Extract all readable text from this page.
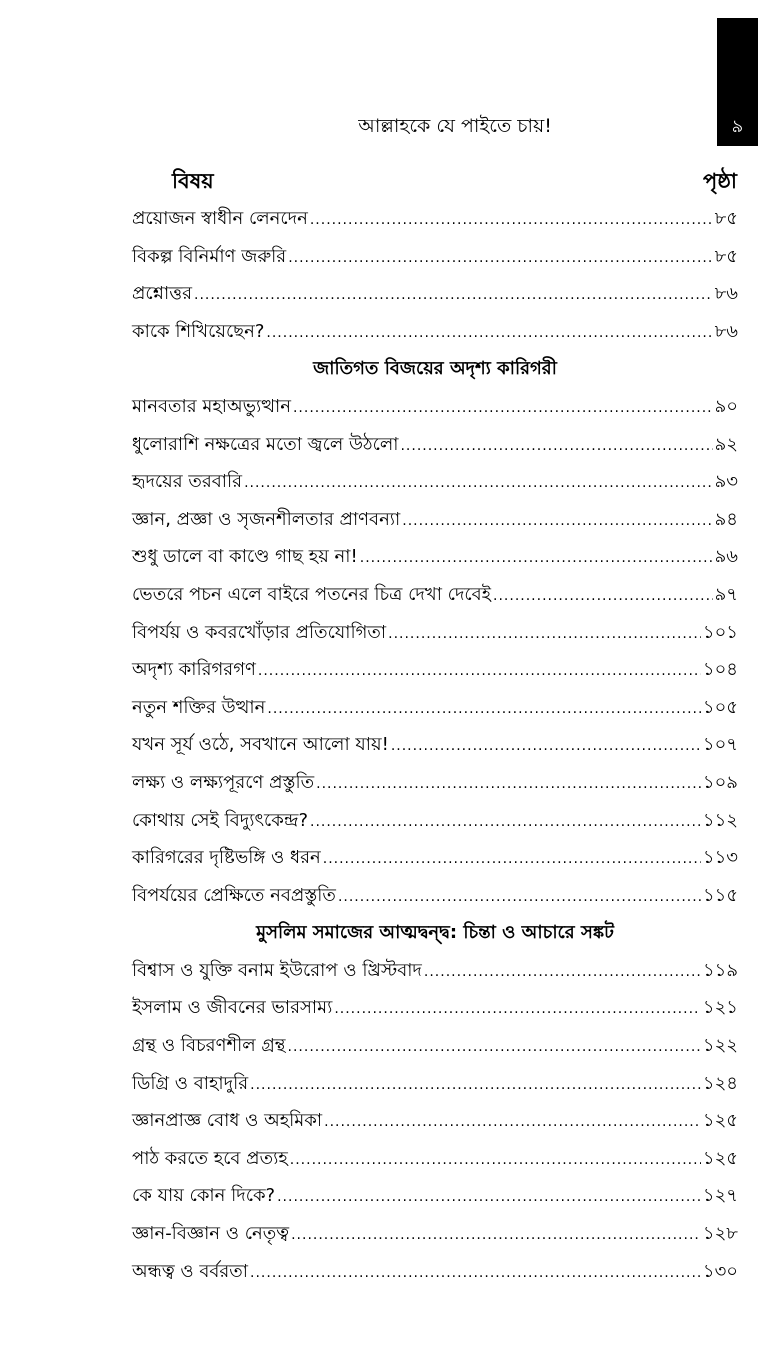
৯
আল্লাহকে যে পাইতে চায়!
বিষয়	পৃষ্ঠা
প্রয়োজন স্বাধীন লেনদেন .....	৮৫
বিকল্প বিনির্মাণ জরুরি .....	৮৫
প্রশ্নোত্তর .....	৮৬
কাকে শিখিয়েছেন? .....	৮৬
জাতিগত বিজয়ের অদৃশ্য কারিগরী
মানবতার মহাঅভ্যুত্থান .....	৯০
ধুলোরাশি নক্ষত্রের মতো জ্বলে উঠলো .....	৯২
হৃদয়ের তরবারি .....	৯৩
জ্ঞান, প্রজ্ঞা ও সৃজনশীলতার প্রাণবন্যা .....	৯৪
শুধু ডালে বা কাণ্ডে গাছ হয় না! .....	৯৬
ভেতরে পচন এলে বাইরে পতনের চিত্র দেখা দেবেই .....	৯৭
বিপর্যয় ও কবরখোঁড়ার প্রতিযোগিতা .....	১০১
অদৃশ্য কারিগরগণ .....	১০৪
নতুন শক্তির উত্থান .....	১০৫
যখন সূর্য ওঠে, সবখানে আলো যায়! .....	১০৭
লক্ষ্য ও লক্ষ্যপূরণে প্রস্তুতি .....	১০৯
কোথায় সেই বিদ্যুৎকেন্দ্র? .....	১১২
কারিগরের দৃষ্টিভঙ্গি ও ধরন .....	১১৩
বিপর্যয়ের প্রেক্ষিতে নবপ্রস্তুতি .....	১১৫
মুসলিম সমাজের আত্মদ্বন্দ্ব: চিন্তা ও আচারে সঙ্কট
বিশ্বাস ও যুক্তি বনাম ইউরোপ ও খ্রিস্টবাদ .....	১১৯
ইসলাম ও জীবনের ভারসাম্য .....	১২১
গ্রন্থ ও বিচরণশীল গ্রন্থ .....	১২২
ডিগ্রি ও বাহাদুরি .....	১২৪
জ্ঞানপ্রাজ্ঞ বোধ ও অহমিকা .....	১২৫
পাঠ করতে হবে প্রত্যহ .....	১২৫
কে যায় কোন দিকে? .....	১২৭
জ্ঞান-বিজ্ঞান ও নেতৃত্ব .....	১২৮
অন্ধত্ব ও বর্বরতা .....	১৩০
